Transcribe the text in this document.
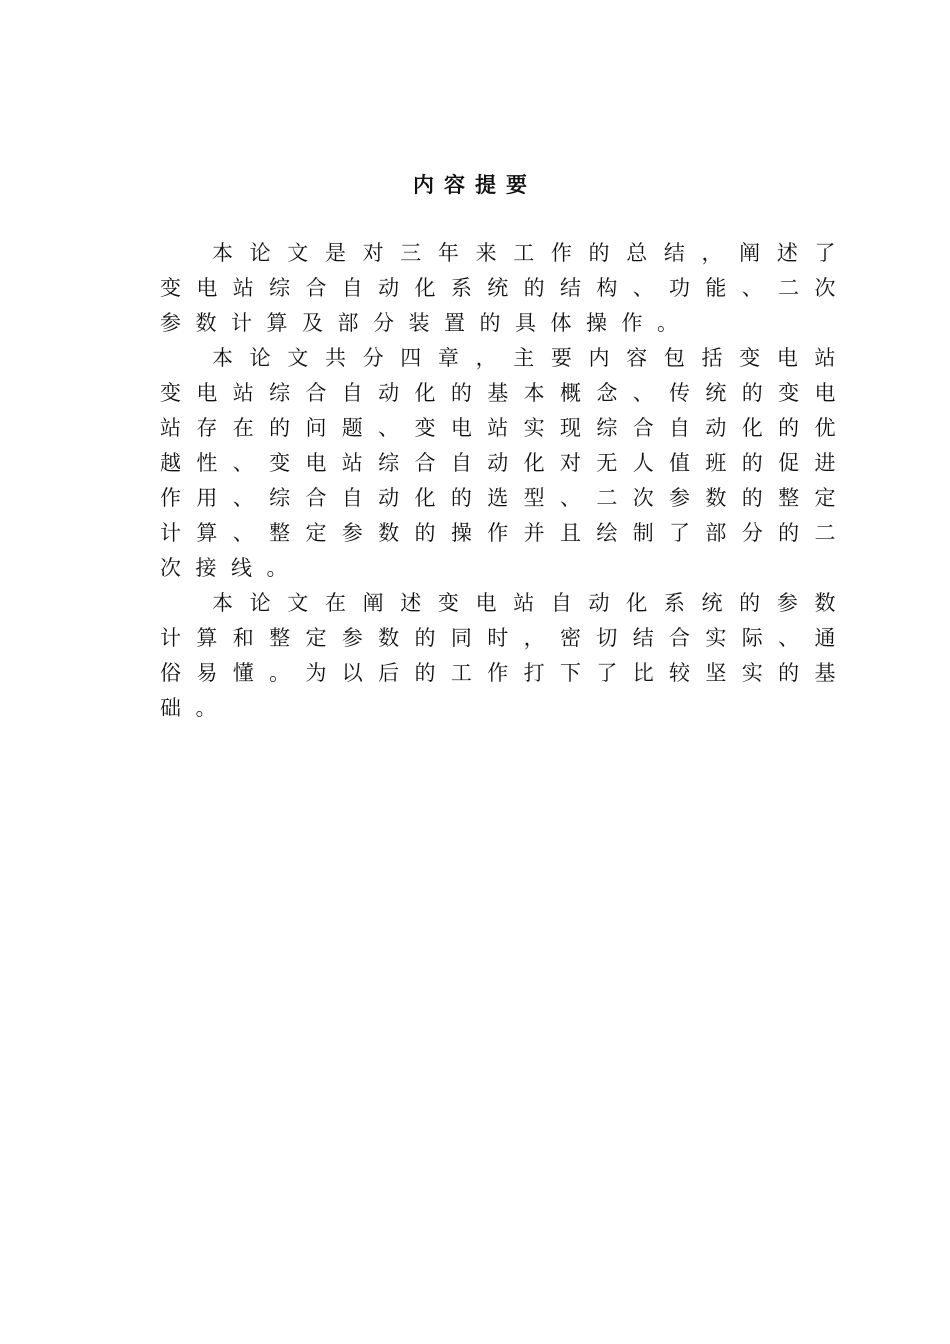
内容提要

本论文是对三年来工作的总结，阐述了变电站综合自动化系统的结构、功能、二次参数计算及部分装置的具体操作。

本论文共分四章，主要内容包括变电站变电站综合自动化的基本概念、传统的变电站存在的问题、变电站实现综合自动化的优越性、变电站综合自动化对无人值班的促进作用、综合自动化的选型、二次参数的整定计算、整定参数的操作并且绘制了部分的二次接线。

本论文在阐述变电站自动化系统的参数计算和整定参数的同时，密切结合实际、通俗易懂。为以后的工作打下了比较坚实的基础。
